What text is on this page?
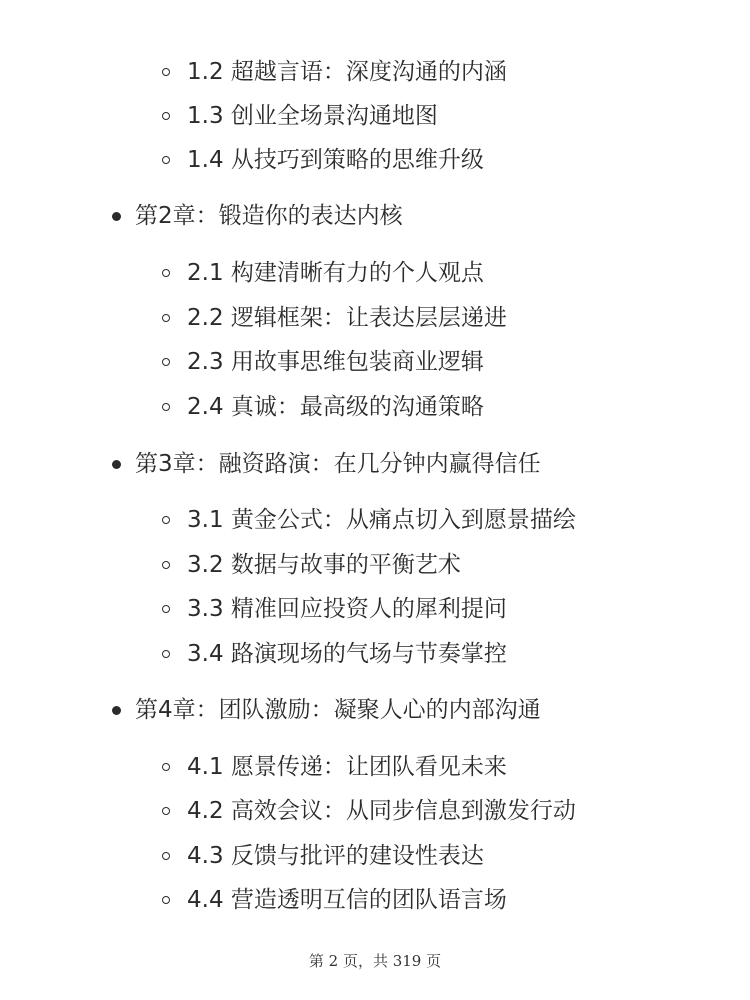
1.2 超越言语：深度沟通的内涵
1.3 创业全场景沟通地图
1.4 从技巧到策略的思维升级
第2章：锻造你的表达内核
2.1 构建清晰有力的个人观点
2.2 逻辑框架：让表达层层递进
2.3 用故事思维包装商业逻辑
2.4 真诚：最高级的沟通策略
第3章：融资路演：在几分钟内赢得信任
3.1 黄金公式：从痛点切入到愿景描绘
3.2 数据与故事的平衡艺术
3.3 精准回应投资人的犀利提问
3.4 路演现场的气场与节奏掌控
第4章：团队激励：凝聚人心的内部沟通
4.1 愿景传递：让团队看见未来
4.2 高效会议：从同步信息到激发行动
4.3 反馈与批评的建设性表达
4.4 营造透明互信的团队语言场
第 2 页，共 319 页
